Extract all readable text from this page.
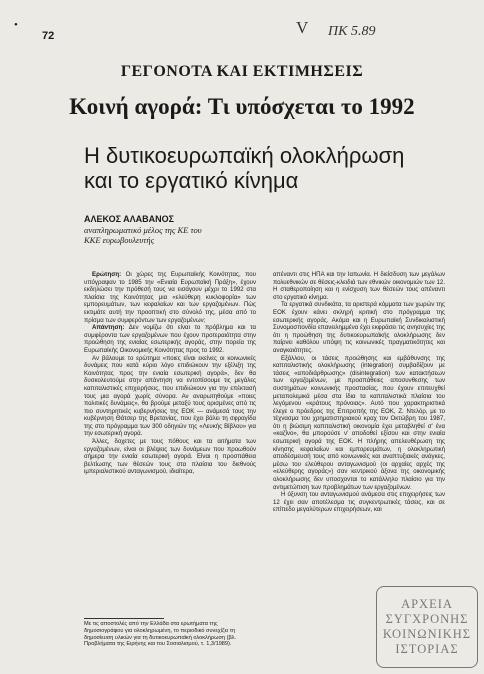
•
72	V ΠΚ 5.89
ΓΕΓΟΝΟΤΑ ΚΑΙ ΕΚΤΙΜΗΣΕΙΣ
Κοινή αγορά: Τι υπόσχεται το 1992
Η δυτικοευρωπαϊκή ολοκλήρωση
και το εργατικό κίνημα
ΑΛΕΚΟΣ ΑΛΑΒΑΝΟΣ
αναπληρωματικό μέλος της ΚΕ του ΚΚΕ ευρωβουλευτής

Ερώτηση: Οι χώρες της Ευρωπαϊκής Κοινότητας, που υπόγραψαν το 1985 την «Ενιαία Ευρωπαϊκή Πράξη», έχουν εκδηλώσει την πρόθεσή τους να εισάγουν μέχρι το 1992 στα πλαίσια της Κοινότητας μια «ελεύθερη κυκλοφορία» των εμπορευμάτων, των κεφαλαίων και των εργαζομένων. Πώς εκτιμάτε αυτή την προοπτική στο σύνολό της, μέσα από το πρίσμα των συμφερόντων των εργαζομένων;

Απάντηση: Δεν νομίζω ότι είναι το πρόβλημα και τα συμφέροντα των εργαζομένων που έχουν προτεραιότητα στην προώθηση της ενιαίας εσωτερικής αγοράς, στην πορεία της Ευρωπαϊκής Οικονομικής Κοινότητας προς το 1992.

Αν βάλουμε το ερώτημα «ποιες είναι εκείνες οι κοινωνικές δυνάμεις που κατά κύριο λόγο επιδιώκουν την εξέλιξη της Κοινότητας προς την ενιαία εσωτερική αγορά», δεν θα δυσκολευτούμε στην απάντηση να εντοπίσουμε τις μεγάλες καπιταλιστικές επιχειρήσεις, που επιδιώκουν για την επέκτασή τους μια αγορά χωρίς σύνορα. Αν αναρωτηθούμε «ποιες πολιτικές δυνάμεις», θα βρούμε μεταξύ τους ορισμένες από τις πιο συντηρητικές κυβερνήσεις της ΕΟΚ — ανάμεσά τους την κυβέρνηση Θάτσερ της Βρετανίας, που έχει βάλει τη σφραγίδα της στο πρόγραμμα των 300 οδηγιών της «Λευκής Βίβλου» για την εσωτερική αγορά.

Άλλες, δοχετες με τους πόθους και τα αιτήματα των εργαζομένων, είναι οι βλέψεις των δυνάμεων που προωθούν σήμερα την ενιαία εσωτερική αγορά. Είναι η προσπάθεια βελτίωσης των θέσεών τους στα πλαίσια του διεθνούς ιμπεριαλιστικού ανταγωνισμού, ιδιαίτερα,

απέναντι στις ΗΠΑ και την Ιαπωνία. Η διείσδυση των μεγάλων πολυεθνικών σε θέσεις-κλειδιά των εθνικών οικονομιών των 12. Η σταθεροποίηση και η ενίσχυση των θέσεών τους απέναντι στο εργατικό κίνημα.

Τα εργατικά συνδικάτα, τα αριστερά κόμματα των χωρών της ΕΟΚ έχουν κάνει σκληρή κριτική στο πρόγραμμα της εσωτερικής αγοράς. Ακόμα και η Ευρωπαϊκή Συνδικαλιστική Συνομοσπονδία επανειλημμένα έχει εκφράσει τις ανησυχίες της ότι η προώθηση της δυτικοευρωπαϊκής ολοκλήρωσης δεν παίρνει καθόλου υπόψη τις κοινωνικές πραγματικότητες και αναγκαιότητες.

Εξάλλου, οι τάσεις προώθησης και εμβάθυνσης της καπιταλιστικής ολοκλήρωσης (integration) συμβαδίζουν με τάσεις «αποδιάρθρωσης» (disintegration) των κατακτήσεων των εργαζομένων, με προσπάθειες αποσυνθεσης των συστημάτων κοινωνικής προστασίας, που έχουν επιτευχθεί μεταπολεμικά μέσα στα ίδια τα καπιταλιστικά πλαίσια του λεγόμενου «κράτους πρόνοιας». Αυτό που χαρακτηριστικά έλεγε ο πρόεδρος της Επιτροπής της ΕΟΚ, Ζ. Ντελόρ, με το τέχνασμα του χρηματιστηριακού κραχ τον Οκτώβρη του 1987, ότι η βιώσιμη καπιταλιστική οικονομία έχει μεταβληθεί σ' ένα «καζίνο», θα μπορούσε ν' αποδοθεί εξίσου και στην ενιαία εσωτερική αγορά της ΕΟΚ. Η πλήρης απελευθέρωση της κίνησης κεφαλαίων και εμπορευμάτων, η ολοκληρωτική αποδέσμευσή τους από κοινωνικές και αναπτυξιακές ανάγκες, μέσω του ελεύθερου ανταγωνισμού (οι αρχαίες αρχές της «ελεύθερης αγοράς») σαν κεντρικού άξονα της οικονομικής ολοκλήρωσης δεν υποσχονται το κατάλληλο πλαίσιο για την αντιμετώπιση των προβλημάτων των εργαζομένων.

Η όξυνση του ανταγωνισμού ανάμεσα στις επιχειρήσεις των 12 έχει σαν αποτέλεσμα τις συγκεντρωτικές τάσεις, και σε επίπεδο μεγαλύτερων επιχειρήσεων, και

Με τις αποστολές από την Ελλάδα στα ερωτήματα της δημοσιογράφου για ολοκληρωμένη, το περιοδικό συνεχίζει τη δημοσίευση υλικών για τη δυτικοευρωπαϊκή ολοκλήρωση (βλ. Προβλήματα της Ειρήνης και του Σοσιαλισμού, τ. 1,3/1989).
ΑΡΧΕΙΑ
ΣΥΓΧΡΟΝΗΣ
ΚΟΙΝΩΝΙΚΗΣ
ΙΣΤΟΡΙΑΣ
